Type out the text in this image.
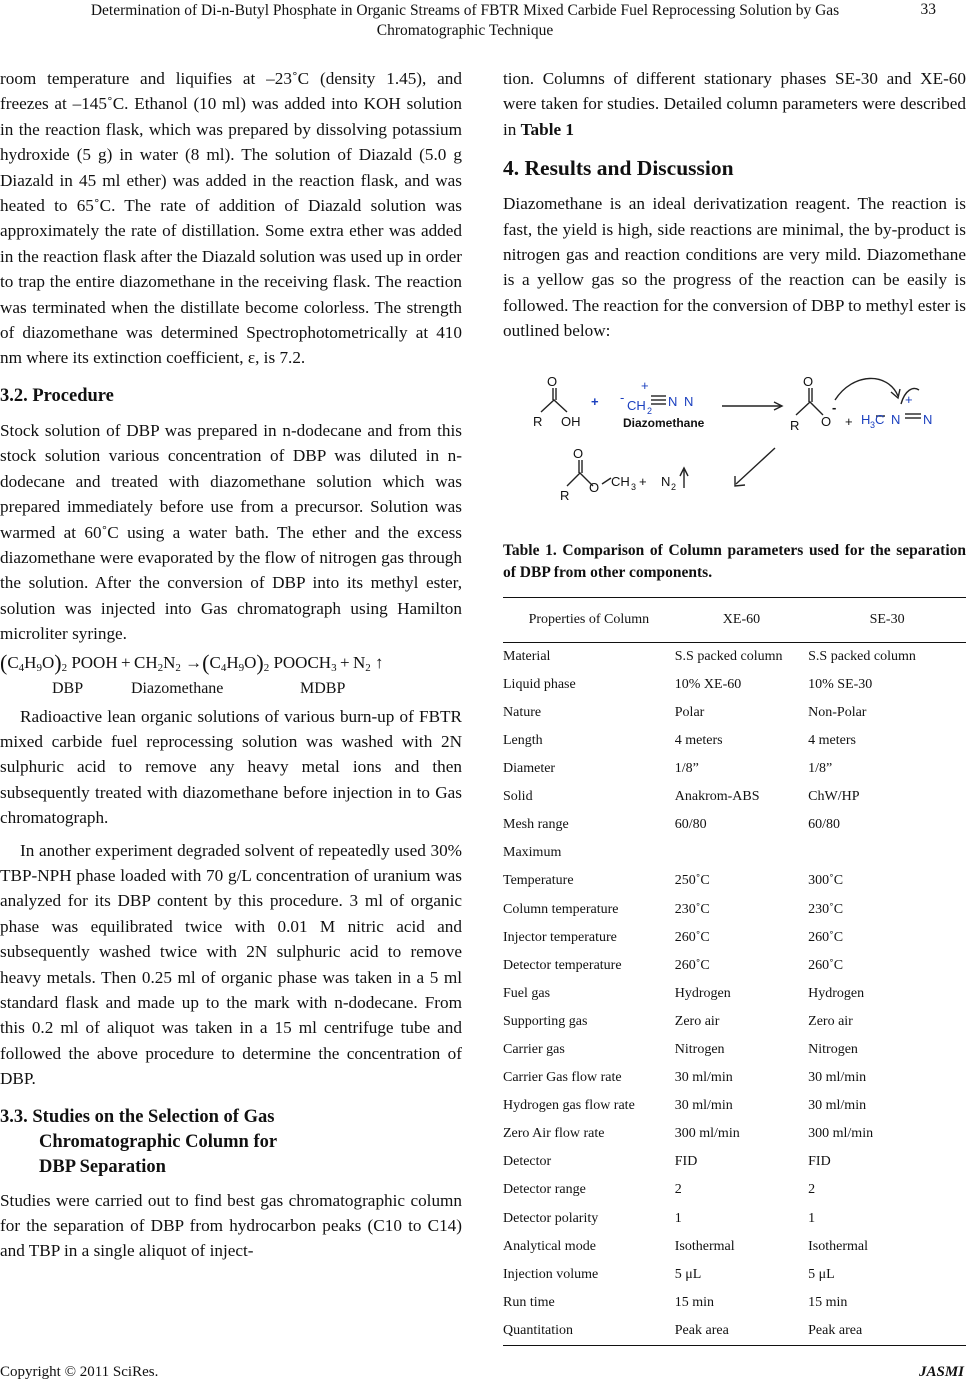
Determination of Di-n-Butyl Phosphate in Organic Streams of FBTR Mixed Carbide Fuel Reprocessing Solution by Gas Chromatographic Technique
33

room temperature and liquifies at –23˚C (density 1.45), and freezes at –145˚C. Ethanol (10 ml) was added into KOH solution in the reaction flask, which was prepared by dissolving potassium hydroxide (5 g) in water (8 ml). The solution of Diazald (5.0 g Diazald in 45 ml ether) was added in the reaction flask, and was heated to 65˚C. The rate of addition of Diazald solution was approximately the rate of distillation. Some extra ether was added in the reaction flask after the Diazald solution was used up in order to trap the entire diazomethane in the receiving flask. The reaction was terminated when the distillate become colorless. The strength of diazomethane was determined Spectrophotometrically at 410 nm where its extinction coefficient, ε, is 7.2.

3.2. Procedure

Stock solution of DBP was prepared in n-dodecane and from this stock solution various concentration of DBP was diluted in n-dodecane and treated with diazomethane solution which was prepared immediately before use from a precursor. Solution was warmed at 60˚C using a water bath. The ether and the excess diazomethane were evaporated by the flow of nitrogen gas through the solution. After the conversion of DBP into its methyl ester, solution was injected into Gas chromatograph using Hamilton microliter syringe.

$(C_4H_9O)_2$ POOH + $CH_2N_2 \to(C_4H_9O)_2$ $POOCH_3 + N_2$ ↑
DBP	Diazomethane	MDBP

Radioactive lean organic solutions of various burn-up of FBTR mixed carbide fuel reprocessing solution was washed with 2N sulphuric acid to remove any heavy metal ions and then subsequently treated with diazomethane before injection in to Gas chromatograph.

In another experiment degraded solvent of repeatedly used 30% TBP-NPH phase loaded with 70 g/L concentration of uranium was analyzed for its DBP content by this procedure. 3 ml of organic phase was equilibrated twice with 0.01 M nitric acid and subsequently washed twice with 2N sulphuric acid to remove heavy metals. Then 0.25 ml of organic phase was taken in a 5 ml standard flask and made up to the mark with n-dodecane. From this 0.2 ml of aliquot was taken in a 15 ml centrifuge tube and followed the above procedure to determine the concentration of DBP.

3.3. Studies on the Selection of Gas
Chromatographic Column for
DBP Separation

Studies were carried out to find best gas chromatographic column for the separation of DBP from hydrocarbon peaks (C10 to C14) and TBP in a single aliquot of inject-

tion. Columns of different stationary phases SE-30 and XE-60 were taken for studies. Detailed column parameters were described in Table 1

4. Results and Discussion

Diazomethane is an ideal derivatization reagent. The reaction is fast, the yield is high, side reactions are minimal, the by-product is nitrogen gas and reaction conditions are very mild. Diazomethane is a yellow gas so the progress of the reaction can be easily is followed. The reaction for the conversion of DBP to methyl ester is outlined below:

O
R OH
+ -
+
CH 2
N N
O
R O
-
+ H 3 C N N
+
O
R
O CH 3 + N 2
Diazomethane

Table 1. Comparison of Column parameters used for the separation of DBP from other components.

Properties of Column	XE-60	SE-30
Material	S.S packed column	S.S packed column
Liquid phase	10% XE-60	10% SE-30
Nature	Polar	Non-Polar
Length	4 meters	4 meters
Diameter	1/8”	1/8”
Solid	Anakrom-ABS	ChW/HP
Mesh range	60/80	60/80
Maximum		
Temperature	250˚C	300˚C
Column temperature	230˚C	230˚C
Injector temperature	260˚C	260˚C
Detector temperature	260˚C	260˚C
Fuel gas	Hydrogen	Hydrogen
Supporting gas	Zero air	Zero air
Carrier gas	Nitrogen	Nitrogen
Carrier Gas flow rate	30 ml/min	30 ml/min
Hydrogen gas flow rate	30 ml/min	30 ml/min
Zero Air flow rate	300 ml/min	300 ml/min
Detector	FID	FID
Detector range	2	2
Detector polarity	1	1
Analytical mode	Isothermal	Isothermal
Injection volume	5 μL	5 μL
Run time	15 min	15 min
Quantitation	Peak area	Peak area
Copyright © 2011 SciRes.	JASMI
